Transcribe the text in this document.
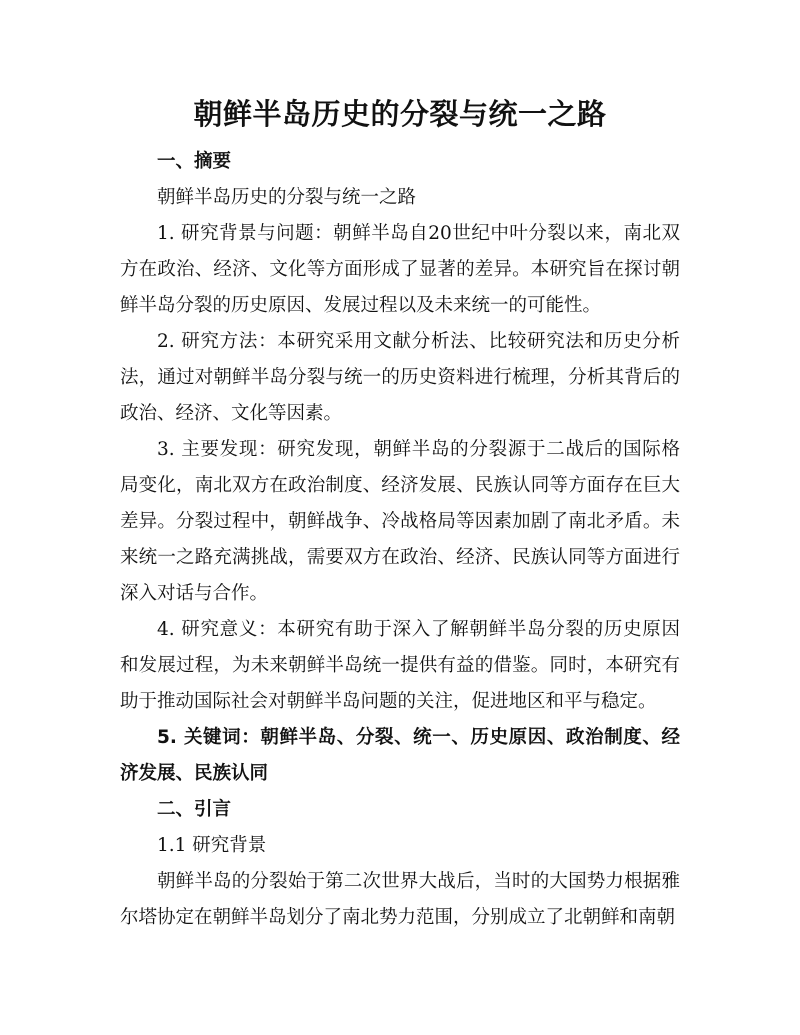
朝鲜半岛历史的分裂与统一之路

一、摘要

朝鲜半岛历史的分裂与统一之路

1. 研究背景与问题：朝鲜半岛自20世纪中叶分裂以来，南北双方在政治、经济、文化等方面形成了显著的差异。本研究旨在探讨朝鲜半岛分裂的历史原因、发展过程以及未来统一的可能性。

2. 研究方法：本研究采用文献分析法、比较研究法和历史分析法，通过对朝鲜半岛分裂与统一的历史资料进行梳理，分析其背后的政治、经济、文化等因素。

3. 主要发现：研究发现，朝鲜半岛的分裂源于二战后的国际格局变化，南北双方在政治制度、经济发展、民族认同等方面存在巨大差异。分裂过程中，朝鲜战争、冷战格局等因素加剧了南北矛盾。未来统一之路充满挑战，需要双方在政治、经济、民族认同等方面进行深入对话与合作。

4. 研究意义：本研究有助于深入了解朝鲜半岛分裂的历史原因和发展过程，为未来朝鲜半岛统一提供有益的借鉴。同时，本研究有助于推动国际社会对朝鲜半岛问题的关注，促进地区和平与稳定。

5. 关键词：朝鲜半岛、分裂、统一、历史原因、政治制度、经济发展、民族认同

二、引言

1.1 研究背景

朝鲜半岛的分裂始于第二次世界大战后，当时的大国势力根据雅尔塔协定在朝鲜半岛划分了南北势力范围，分别成立了北朝鲜和南朝
